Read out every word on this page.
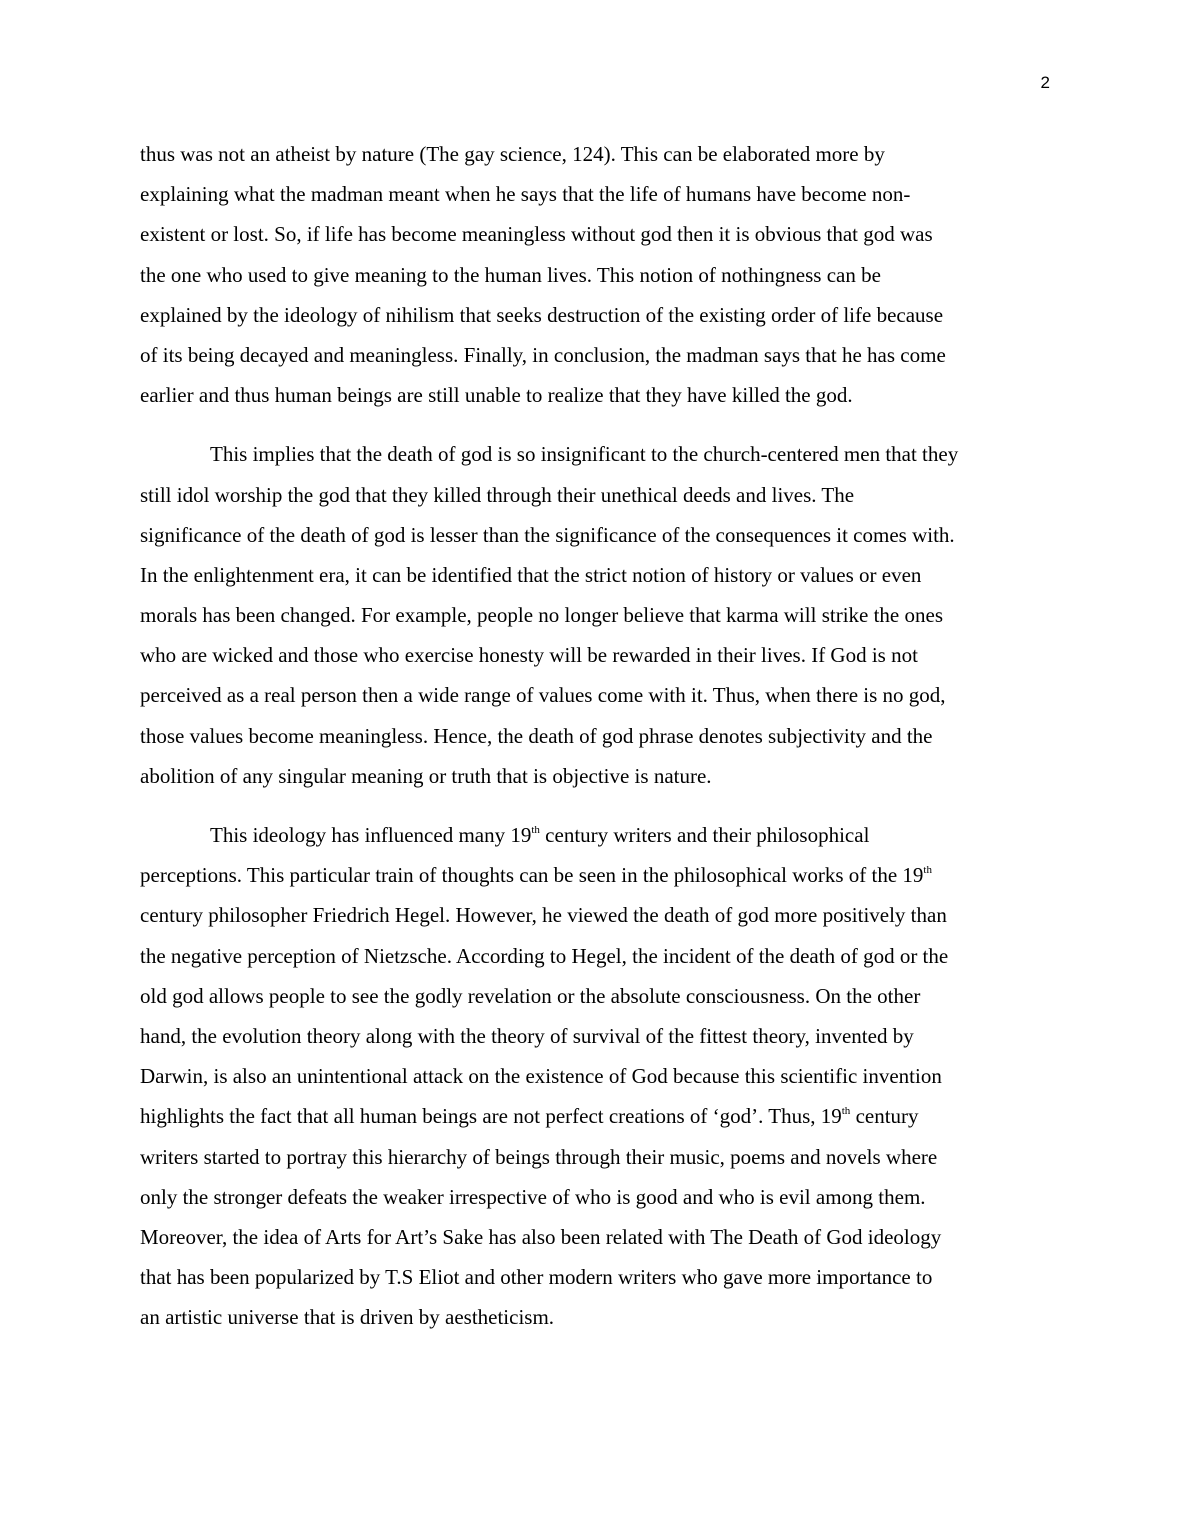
2
thus was not an atheist by nature (The gay science, 124). This can be elaborated more by
explaining what the madman meant when he says that the life of humans have become non-
existent or lost. So, if life has become meaningless without god then it is obvious that god was
the one who used to give meaning to the human lives. This notion of nothingness can be
explained by the ideology of nihilism that seeks destruction of the existing order of life because
of its being decayed and meaningless. Finally, in conclusion, the madman says that he has come
earlier and thus human beings are still unable to realize that they have killed the god.
This implies that the death of god is so insignificant to the church-centered men that they
still idol worship the god that they killed through their unethical deeds and lives. The
significance of the death of god is lesser than the significance of the consequences it comes with.
In the enlightenment era, it can be identified that the strict notion of history or values or even
morals has been changed. For example, people no longer believe that karma will strike the ones
who are wicked and those who exercise honesty will be rewarded in their lives. If God is not
perceived as a real person then a wide range of values come with it. Thus, when there is no god,
those values become meaningless. Hence, the death of god phrase denotes subjectivity and the
abolition of any singular meaning or truth that is objective is nature.
This ideology has influenced many 19th century writers and their philosophical
perceptions. This particular train of thoughts can be seen in the philosophical works of the 19th
century philosopher Friedrich Hegel. However, he viewed the death of god more positively than
the negative perception of Nietzsche. According to Hegel, the incident of the death of god or the
old god allows people to see the godly revelation or the absolute consciousness. On the other
hand, the evolution theory along with the theory of survival of the fittest theory, invented by
Darwin, is also an unintentional attack on the existence of God because this scientific invention
highlights the fact that all human beings are not perfect creations of ‘god’. Thus, 19th century
writers started to portray this hierarchy of beings through their music, poems and novels where
only the stronger defeats the weaker irrespective of who is good and who is evil among them.
Moreover, the idea of Arts for Art’s Sake has also been related with The Death of God ideology
that has been popularized by T.S Eliot and other modern writers who gave more importance to
an artistic universe that is driven by aestheticism.
